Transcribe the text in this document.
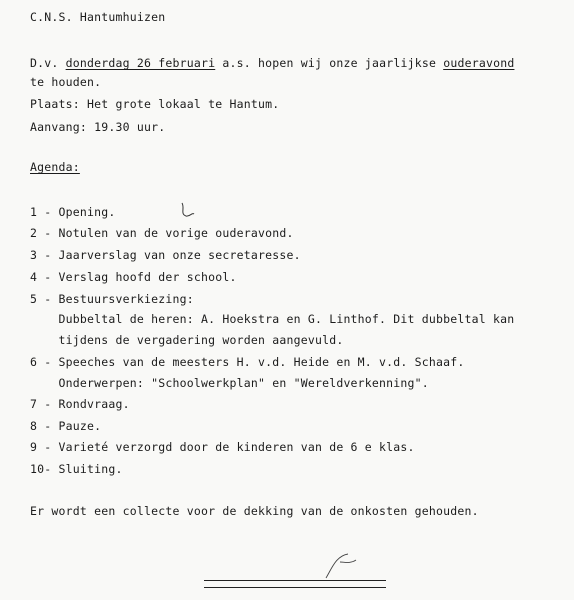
C.N.S. Hantumhuizen
D.v. donderdag 26 februari a.s. hopen wij onze jaarlijkse ouderavond
te houden.
Plaats: Het grote lokaal te Hantum.
Aanvang: 19.30 uur.
Agenda:
1 - Opening.
2 - Notulen van de vorige ouderavond.
3 - Jaarverslag van onze secretaresse.
4 - Verslag hoofd der school.
5 - Bestuursverkiezing:
Dubbeltal de heren: A. Hoekstra en G. Linthof. Dit dubbeltal kan
tijdens de vergadering worden aangevuld.
6 - Speeches van de meesters H. v.d. Heide en M. v.d. Schaaf.
Onderwerpen: "Schoolwerkplan" en "Wereldverkenning".
7 - Rondvraag.
8 - Pauze.
9 - Varieté verzorgd door de kinderen van de 6 e klas.
10- Sluiting.
Er wordt een collecte voor de dekking van de onkosten gehouden.
